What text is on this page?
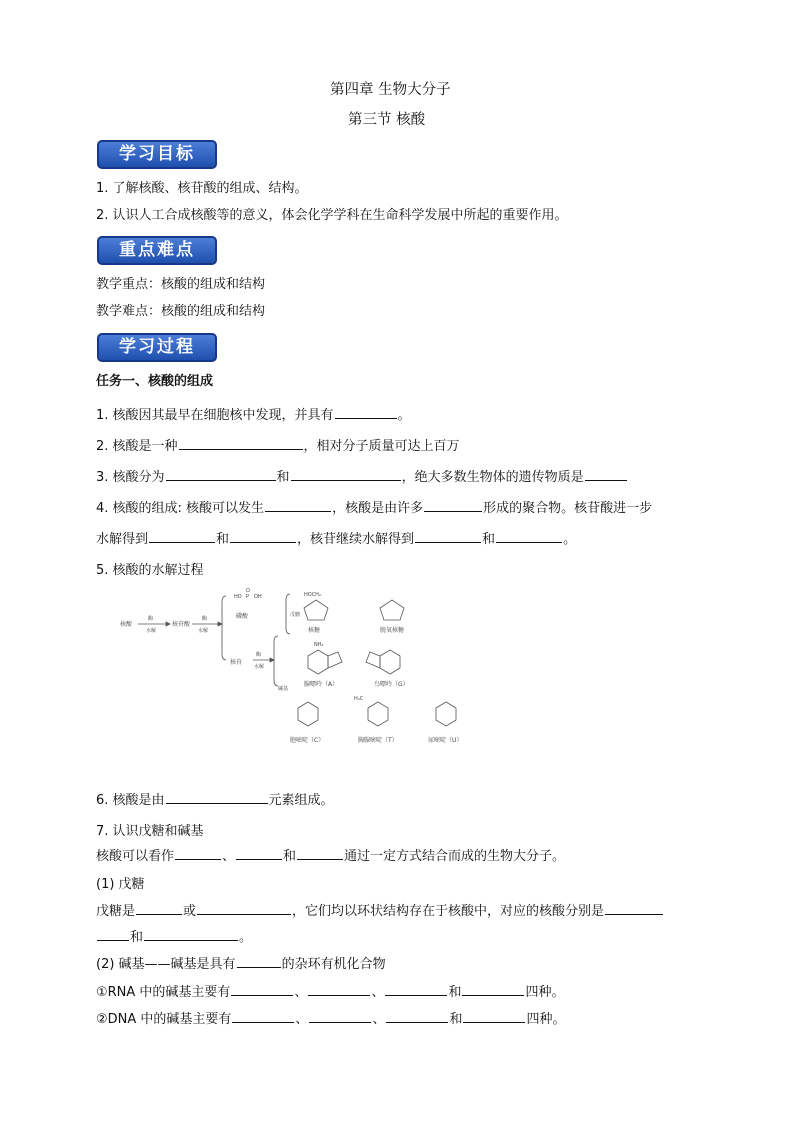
第四章 生物大分子
第三节 核酸
学习目标
1. 了解核酸、核苷酸的组成、结构。
2. 认识人工合成核酸等的意义，体会化学学科在生命科学发展中所起的重要作用。
重点难点
教学重点：核酸的组成和结构
教学难点：核酸的组成和结构
学习过程
任务一、核酸的组成
1. 核酸因其最早在细胞核中发现，并具有	。
2. 核酸是一种	，相对分子质量可达上百万
3. 核酸分为	和	，绝大多数生物体的遗传物质是
4. 核酸的组成: 核酸可以发生	，核酸是由许多	形成的聚合物。核苷酸进一步
水解得到	和	，核苷继续水解得到	和	。
5. 核酸的水解过程
核酸
酶
水解
核苷酸
酶
水解
HO
O
P OH
磷酸
核苷
酶
水解
戊糖
HOCH₂
核糖	脱氧核糖
NH₂
碱基
腺嘌呤（A）	鸟嘌呤（G）
H₃C
胞嘧啶（C）	胸腺嘧啶（T）	尿嘧啶（U）
6. 核酸是由	元素组成。
7. 认识戊糖和碱基
核酸可以看作	、	和	通过一定方式结合而成的生物大分子。
(1) 戊糖
戊糖是	或	，它们均以环状结构存在于核酸中，对应的核酸分别是
和	。
(2) 碱基——碱基是具有	的杂环有机化合物
①RNA 中的碱基主要有	、	、	和	四种。
②DNA 中的碱基主要有	、	、	和	四种。
